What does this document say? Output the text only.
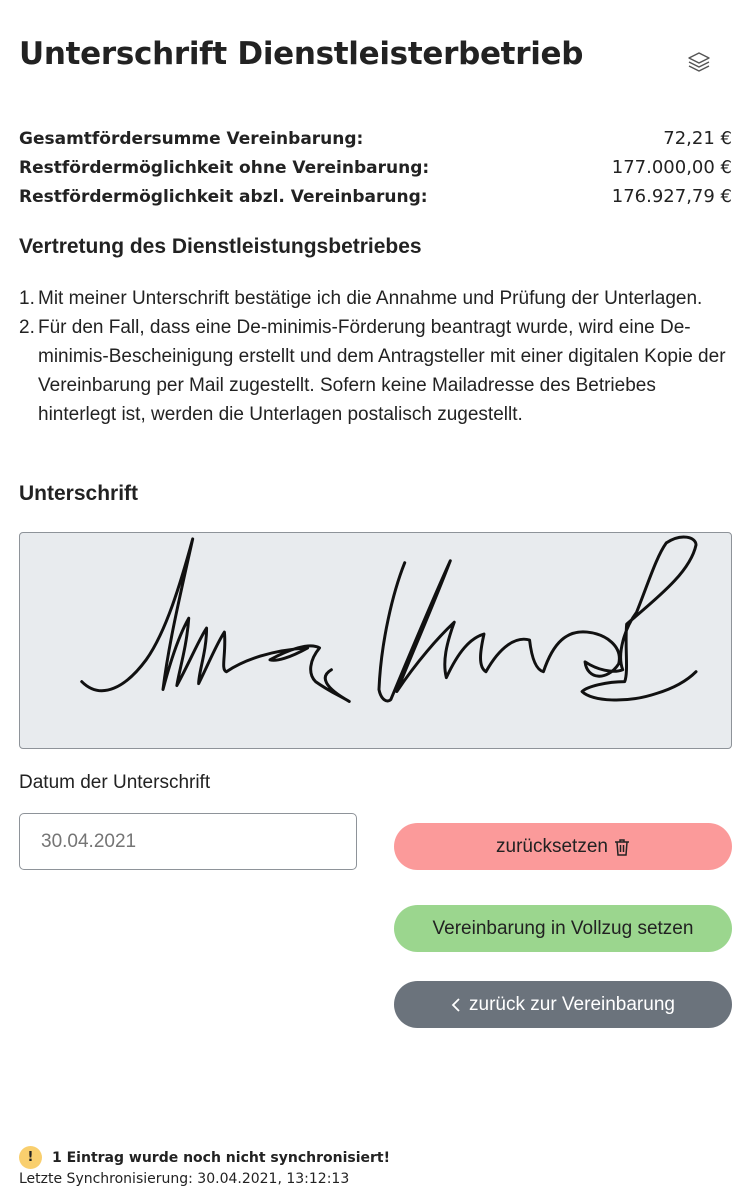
Unterschrift Dienstleisterbetrieb
Gesamtfördersumme Vereinbarung:	72,21 €
Restfördermöglichkeit ohne Vereinbarung:	177.000,00 €
Restfördermöglichkeit abzl. Vereinbarung:	176.927,79 €
Vertretung des Dienstleistungsbetriebes
1. Mit meiner Unterschrift bestätige ich die Annahme und Prüfung der Unterlagen.
2. Für den Fall, dass eine De-minimis-Förderung beantragt wurde, wird eine De-minimis-Bescheinigung erstellt und dem Antragsteller mit einer digitalen Kopie der Vereinbarung per Mail zugestellt. Sofern keine Mailadresse des Betriebes hinterlegt ist, werden die Unterlagen postalisch zugestellt.
Unterschrift
Datum der Unterschrift
30.04.2021
zurücksetzen
Vereinbarung in Vollzug setzen
zurück zur Vereinbarung
!	1 Eintrag wurde noch nicht synchronisiert!
Letzte Synchronisierung: 30.04.2021, 13:12:13
